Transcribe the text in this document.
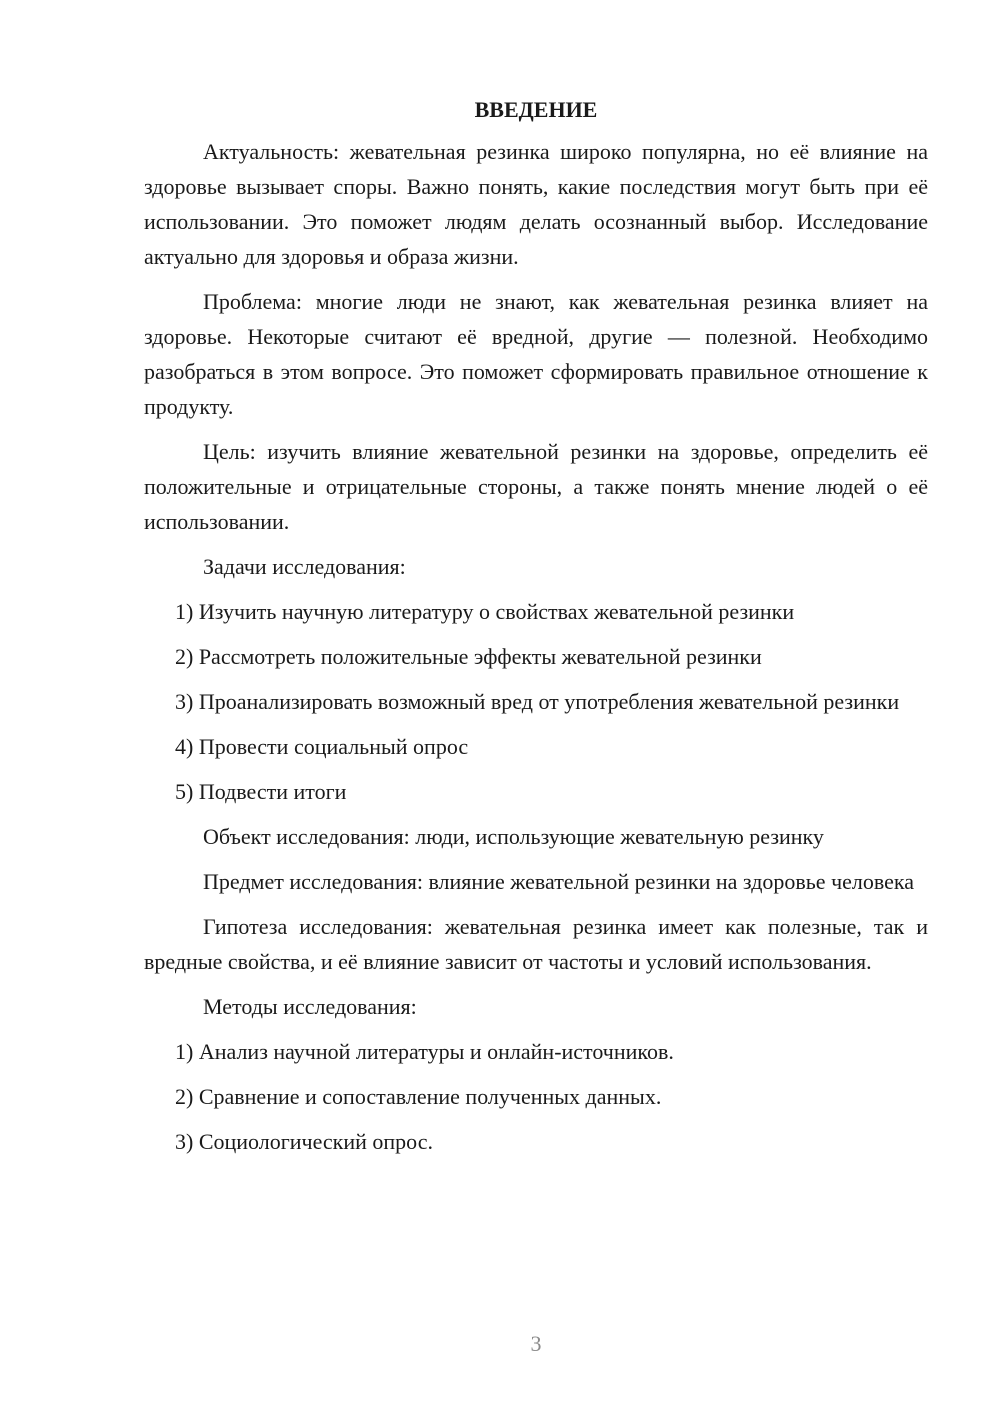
ВВЕДЕНИЕ

Актуальность: жевательная резинка широко популярна, но её влияние на здоровье вызывает споры. Важно понять, какие последствия могут быть при её использовании. Это поможет людям делать осознанный выбор. Исследование актуально для здоровья и образа жизни.

Проблема: многие люди не знают, как жевательная резинка влияет на здоровье. Некоторые считают её вредной, другие — полезной. Необходимо разобраться в этом вопросе. Это поможет сформировать правильное отношение к продукту.

Цель: изучить влияние жевательной резинки на здоровье, определить её положительные и отрицательные стороны, а также понять мнение людей о её использовании.

Задачи исследования:

1) Изучить научную литературу о свойствах жевательной резинки

2) Рассмотреть положительные эффекты жевательной резинки

3) Проанализировать возможный вред от употребления жевательной резинки

4) Провести социальный опрос

5) Подвести итоги

Объект исследования: люди, использующие жевательную резинку

Предмет исследования: влияние жевательной резинки на здоровье человека

Гипотеза исследования: жевательная резинка имеет как полезные, так и вредные свойства, и её влияние зависит от частоты и условий использования.

Методы исследования:

1) Анализ научной литературы и онлайн-источников.

2) Сравнение и сопоставление полученных данных.

3) Социологический опрос.

3
